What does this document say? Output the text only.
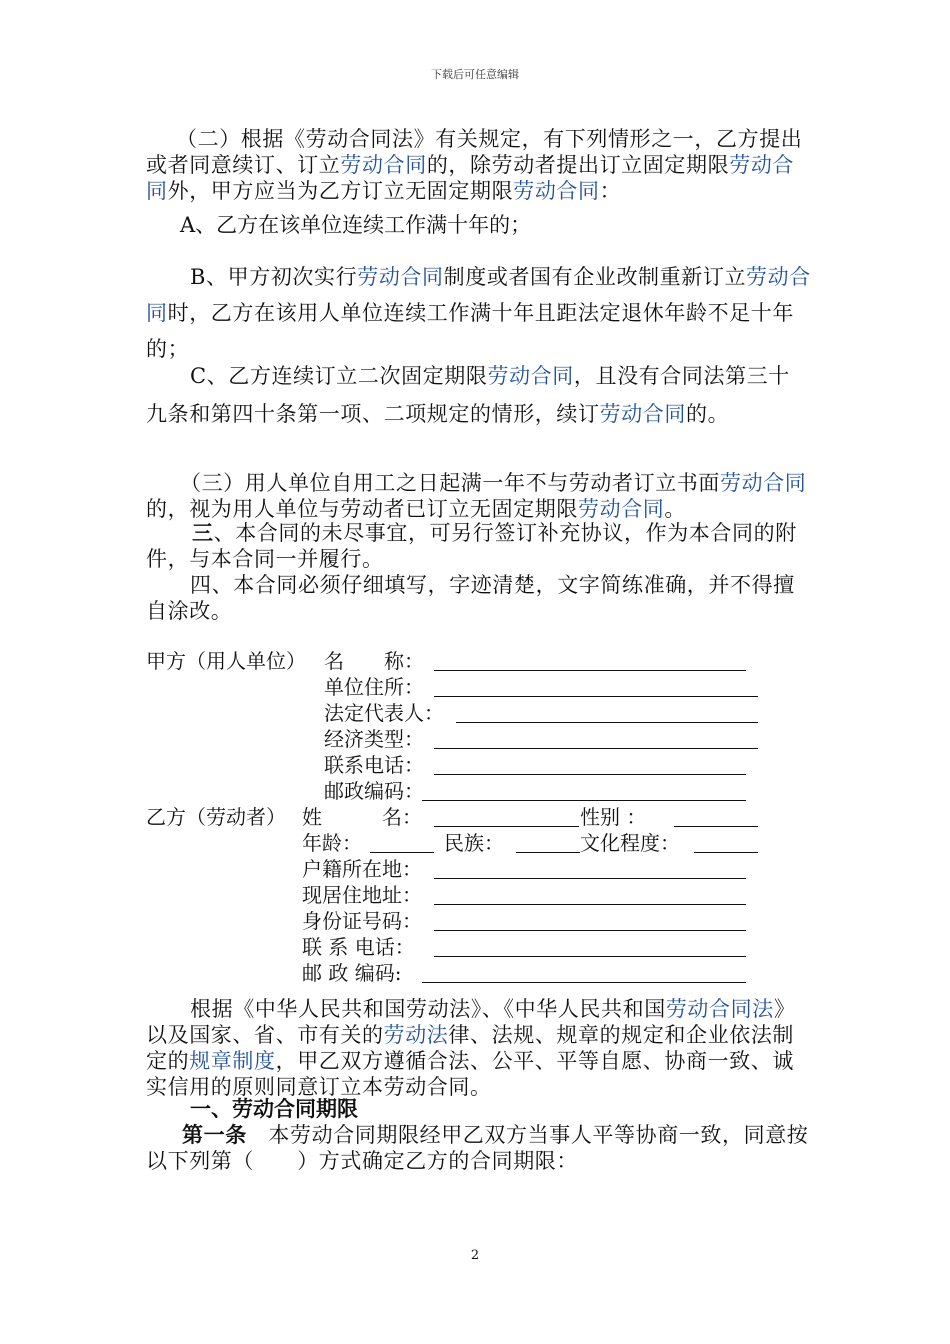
下载后可任意编辑

（二）根据《劳动合同法》有关规定，有下列情形之一，乙方提出或者同意续订、订立劳动合同的，除劳动者提出订立固定期限劳动合同外，甲方应当为乙方订立无固定期限劳动合同：

A、乙方在该单位连续工作满十年的；

B、甲方初次实行劳动合同制度或者国有企业改制重新订立劳动合同时，乙方在该用人单位连续工作满十年且距法定退休年龄不足十年的；

C、乙方连续订立二次固定期限劳动合同，且没有合同法第三十九条和第四十条第一项、二项规定的情形，续订劳动合同的。

（三）用人单位自用工之日起满一年不与劳动者订立书面劳动合同的，视为用人单位与劳动者已订立无固定期限劳动合同。

三、本合同的未尽事宜，可另行签订补充协议，作为本合同的附件，与本合同一并履行。

四、本合同必须仔细填写，字迹清楚，文字简练准确，并不得擅自涂改。

甲方（用人单位） 名　　称：
单位住所：
法定代表人：
经济类型：
联系电话：
邮政编码：
乙方（劳动者） 姓　　　名：	性别 ：
年龄：	民族：	文化程度：
户籍所在地：
现居住地址：
身份证号码：
联 系 电话：
邮 政 编码:

根据《中华人民共和国劳动法》、《中华人民共和国劳动合同法》以及国家、省、市有关的劳动法律、法规、规章的规定和企业依法制定的规章制度，甲乙双方遵循合法、公平、平等自愿、协商一致、诚实信用的原则同意订立本劳动合同。

一、劳动合同期限

第一条　本劳动合同期限经甲乙双方当事人平等协商一致，同意按以下列第（　　）方式确定乙方的合同期限：

2
